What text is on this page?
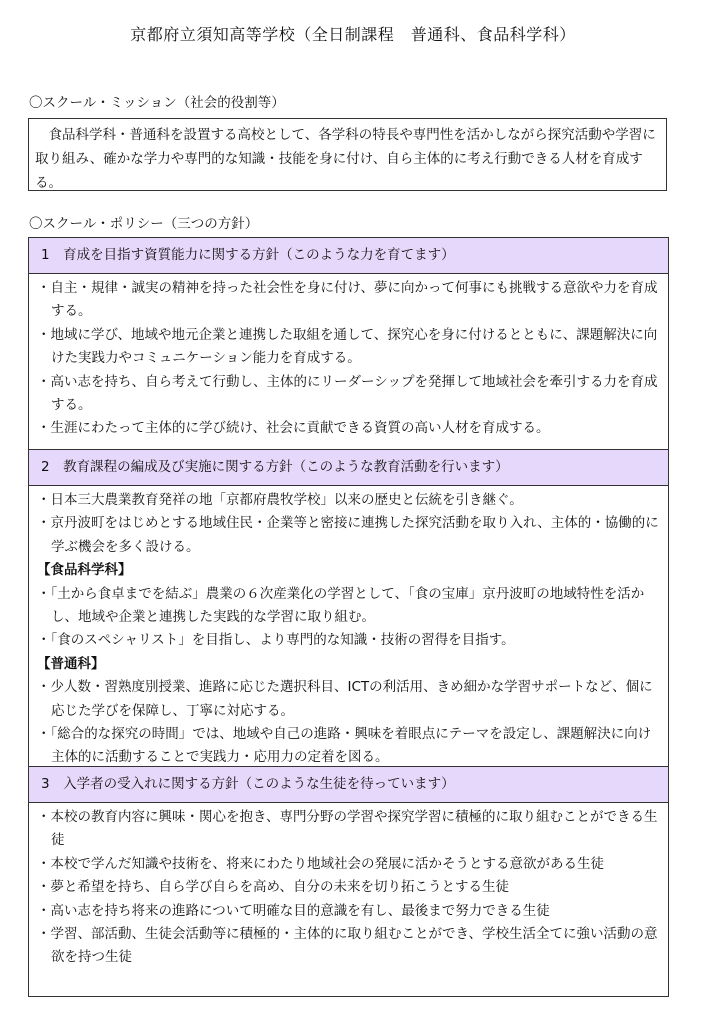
京都府立須知高等学校（全日制課程　普通科、食品科学科）
〇スクール・ミッション（社会的役割等）
食品科学科・普通科を設置する高校として、各学科の特長や専門性を活かしながら探究活動や学習に取り組み、確かな学力や専門的な知識・技能を身に付け、自ら主体的に考え行動できる人材を育成する。
〇スクール・ポリシー（三つの方針）
1　育成を目指す資質能力に関する方針（このような力を育てます）
・自主・規律・誠実の精神を持った社会性を身に付け、夢に向かって何事にも挑戦する意欲や力を育成する。
・地域に学び、地域や地元企業と連携した取組を通して、探究心を身に付けるとともに、課題解決に向けた実践力やコミュニケーション能力を育成する。
・高い志を持ち、自ら考えて行動し、主体的にリーダーシップを発揮して地域社会を牽引する力を育成する。
・生涯にわたって主体的に学び続け、社会に貢献できる資質の高い人材を育成する。
2　教育課程の編成及び実施に関する方針（このような教育活動を行います）
・日本三大農業教育発祥の地「京都府農牧学校」以来の歴史と伝統を引き継ぐ。
・京丹波町をはじめとする地域住民・企業等と密接に連携した探究活動を取り入れ、主体的・協働的に学ぶ機会を多く設ける。
【食品科学科】
・「土から食卓までを結ぶ」農業の６次産業化の学習として、「食の宝庫」京丹波町の地域特性を活かし、地域や企業と連携した実践的な学習に取り組む。
・「食のスペシャリスト」を目指し、より専門的な知識・技術の習得を目指す。
【普通科】
・少人数・習熟度別授業、進路に応じた選択科目、ICTの利活用、きめ細かな学習サポートなど、個に応じた学びを保障し、丁寧に対応する。
・「総合的な探究の時間」では、地域や自己の進路・興味を着眼点にテーマを設定し、課題解決に向け主体的に活動することで実践力・応用力の定着を図る。
3　入学者の受入れに関する方針（このような生徒を待っています）
・本校の教育内容に興味・関心を抱き、専門分野の学習や探究学習に積極的に取り組むことができる生徒
・本校で学んだ知識や技術を、将来にわたり地域社会の発展に活かそうとする意欲がある生徒
・夢と希望を持ち、自ら学び自らを高め、自分の未来を切り拓こうとする生徒
・高い志を持ち将来の進路について明確な目的意識を有し、最後まで努力できる生徒
・学習、部活動、生徒会活動等に積極的・主体的に取り組むことができ、学校生活全てに強い活動の意欲を持つ生徒
